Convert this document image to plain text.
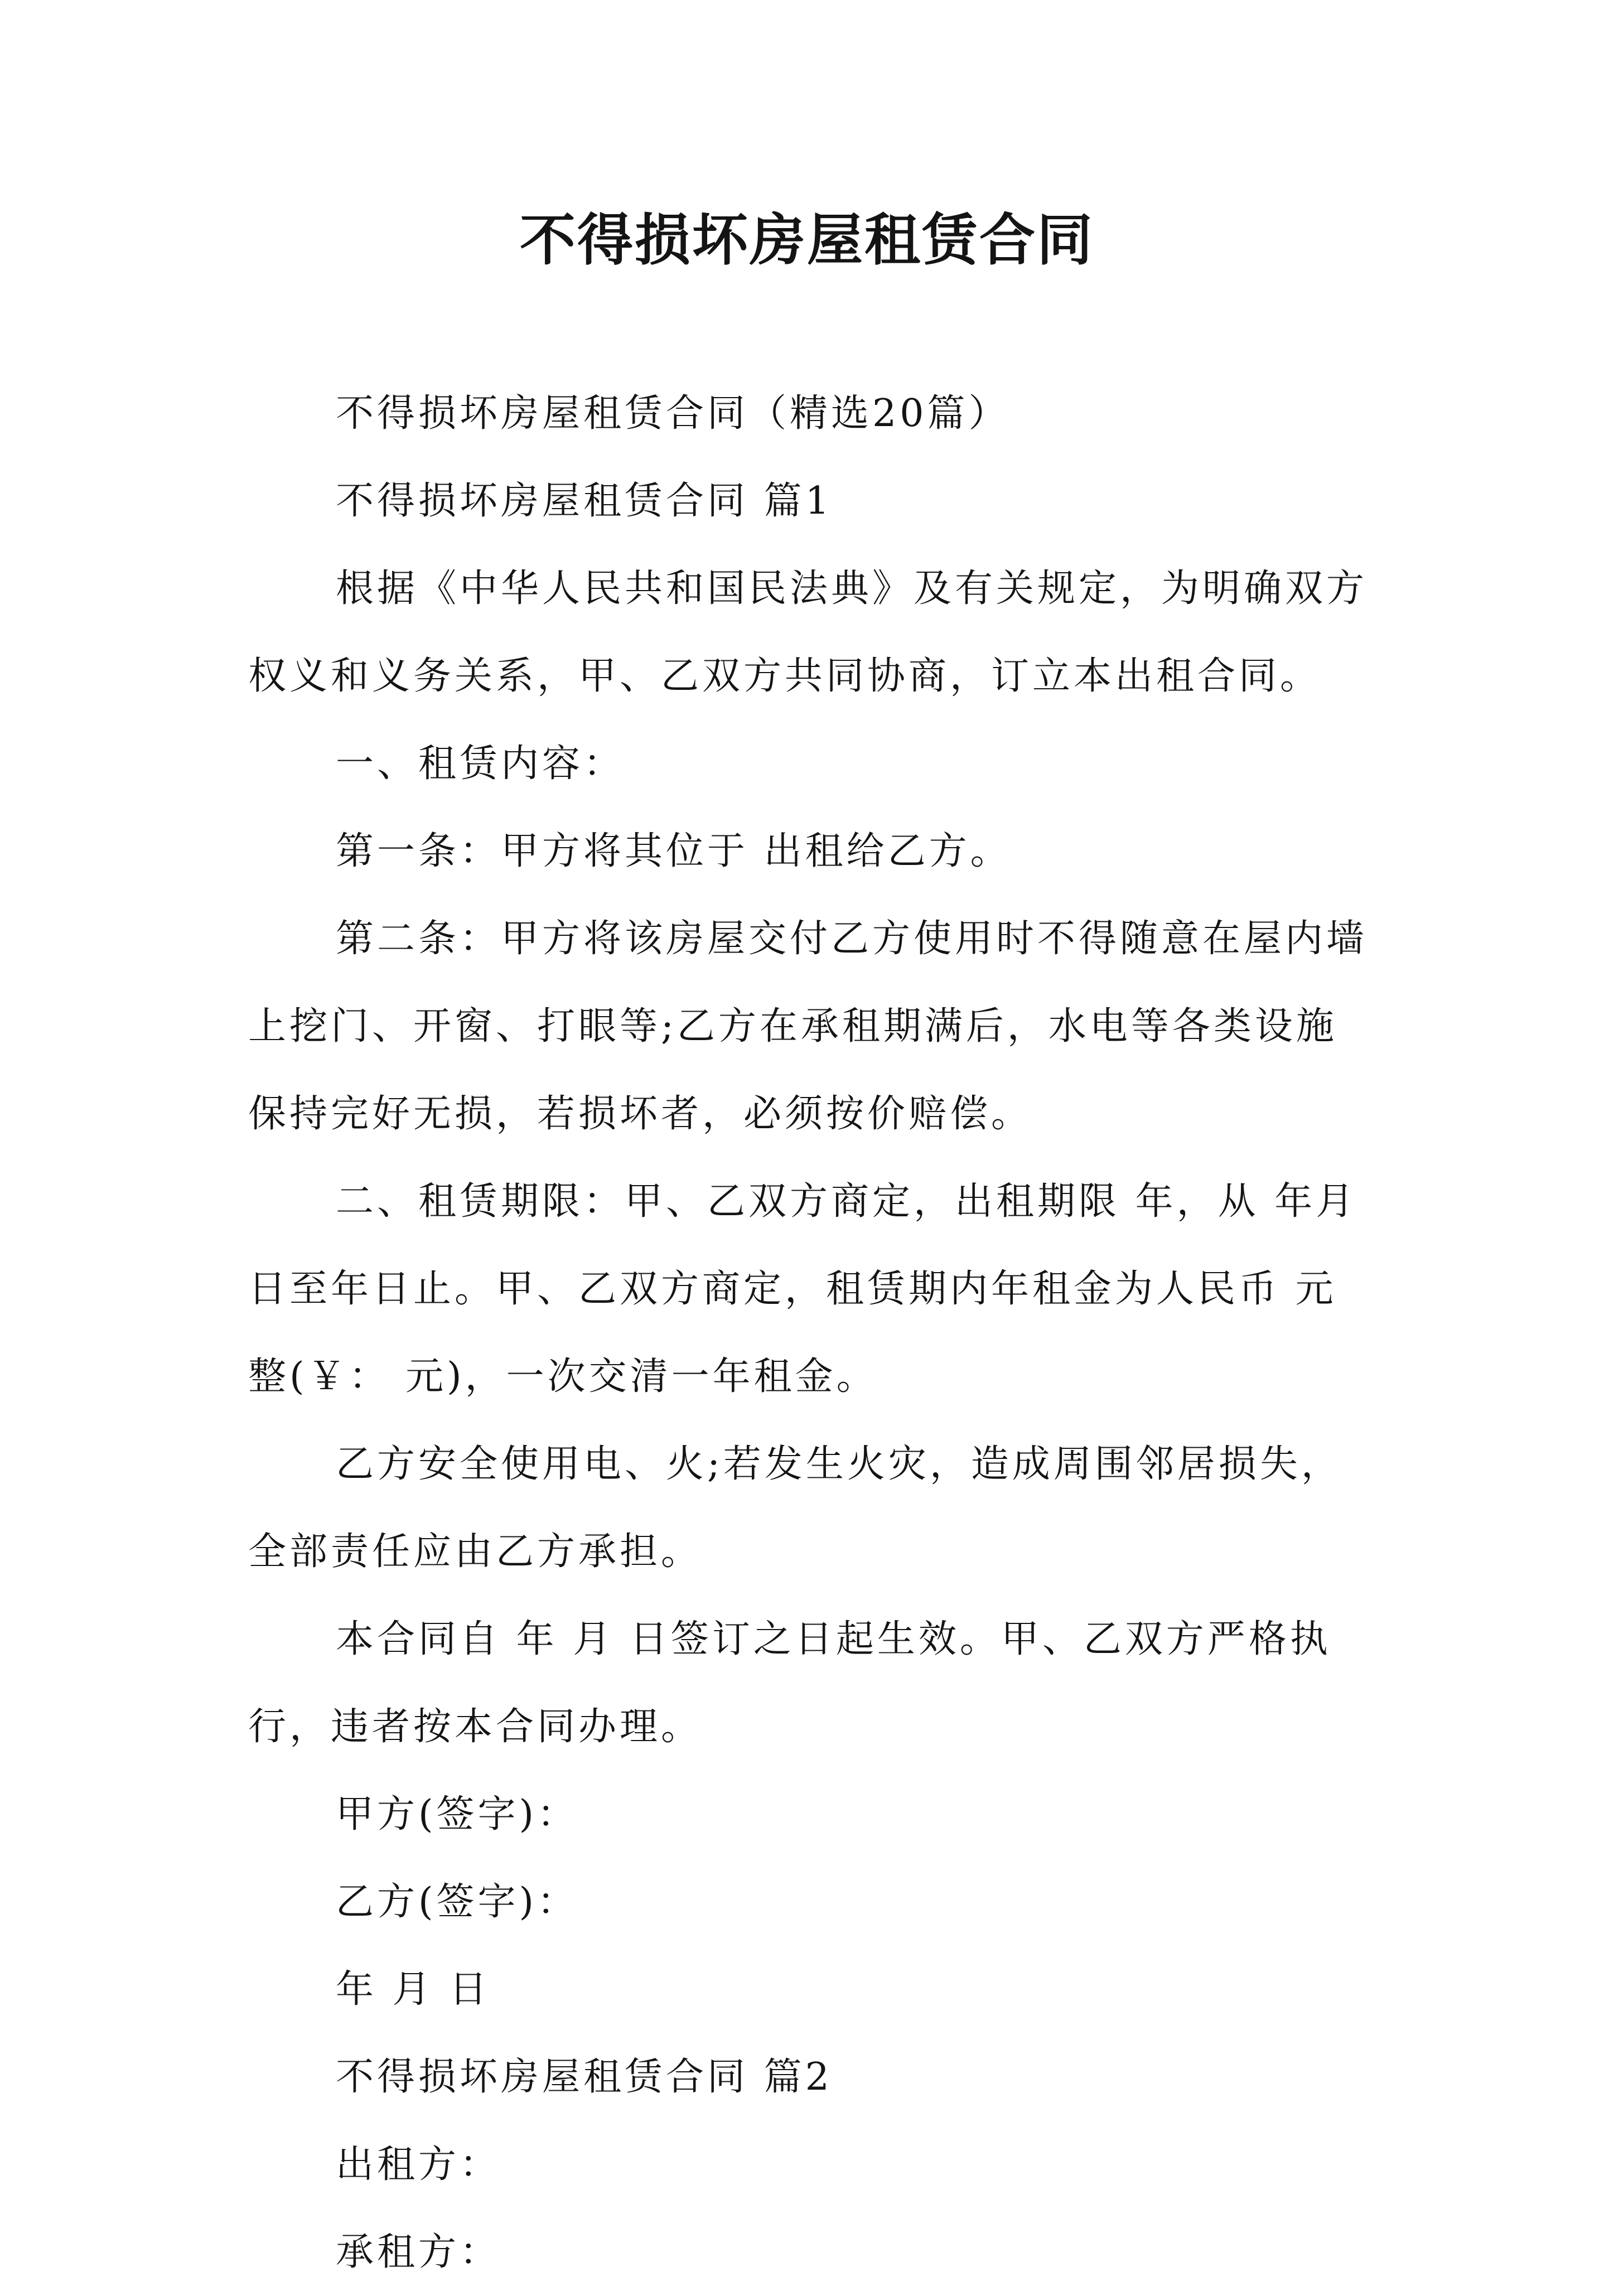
不得损坏房屋租赁合同

不得损坏房屋租赁合同（精选20篇）

不得损坏房屋租赁合同 篇1

根据《中华人民共和国民法典》及有关规定，为明确双方权义和义务关系，甲、乙双方共同协商，订立本出租合同。

一、租赁内容：

第一条：甲方将其位于 出租给乙方。

第二条：甲方将该房屋交付乙方使用时不得随意在屋内墙上挖门、开窗、打眼等;乙方在承租期满后，水电等各类设施保持完好无损，若损坏者，必须按价赔偿。

二、租赁期限：甲、乙双方商定，出租期限 年，从 年月 日至年日止。甲、乙双方商定，租赁期内年租金为人民币 元整(￥： 元)，一次交清一年租金。

乙方安全使用电、火;若发生火灾，造成周围邻居损失，全部责任应由乙方承担。

本合同自 年 月 日签订之日起生效。甲、乙双方严格执行，违者按本合同办理。

甲方(签字)：

乙方(签字)：

年 月 日

不得损坏房屋租赁合同 篇2

出租方：

承租方：
